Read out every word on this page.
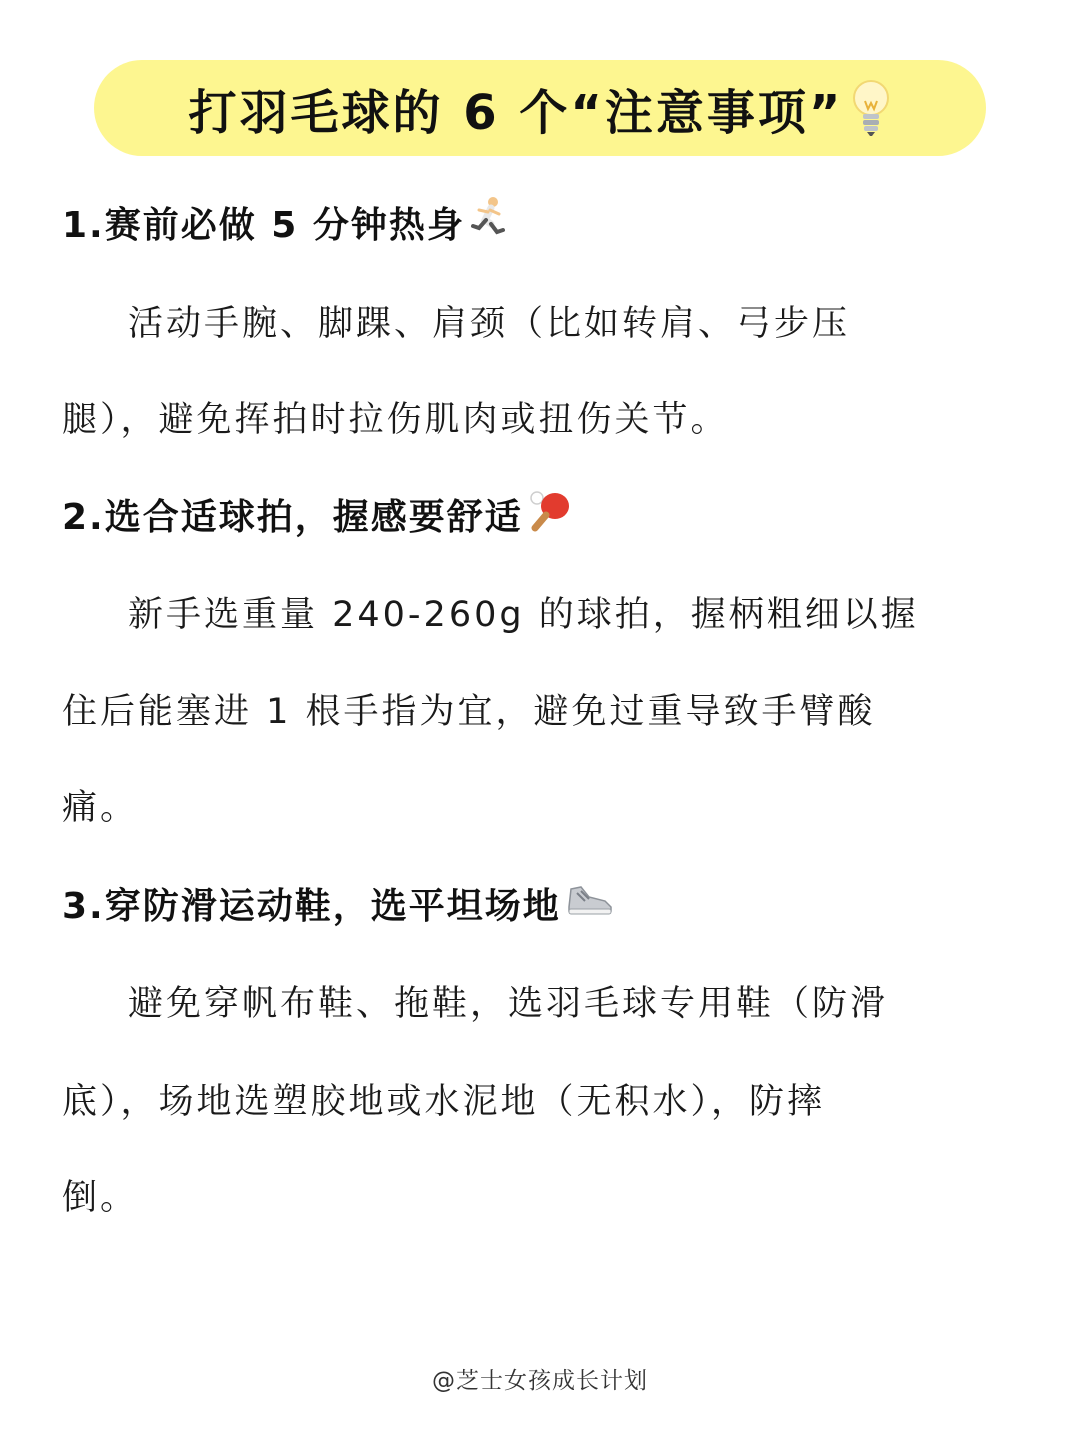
打羽毛球的 6 个“注意事项”
1.赛前必做 5 分钟热身
活动手腕、脚踝、肩颈（比如转肩、弓步压
腿），避免挥拍时拉伤肌肉或扭伤关节。
2.选合适球拍，握感要舒适
新手选重量 240-260g 的球拍，握柄粗细以握
住后能塞进 1 根手指为宜，避免过重导致手臂酸
痛。
3.穿防滑运动鞋，选平坦场地
避免穿帆布鞋、拖鞋，选羽毛球专用鞋（防滑
底），场地选塑胶地或水泥地（无积水），防摔
倒。
@芝士女孩成长计划
